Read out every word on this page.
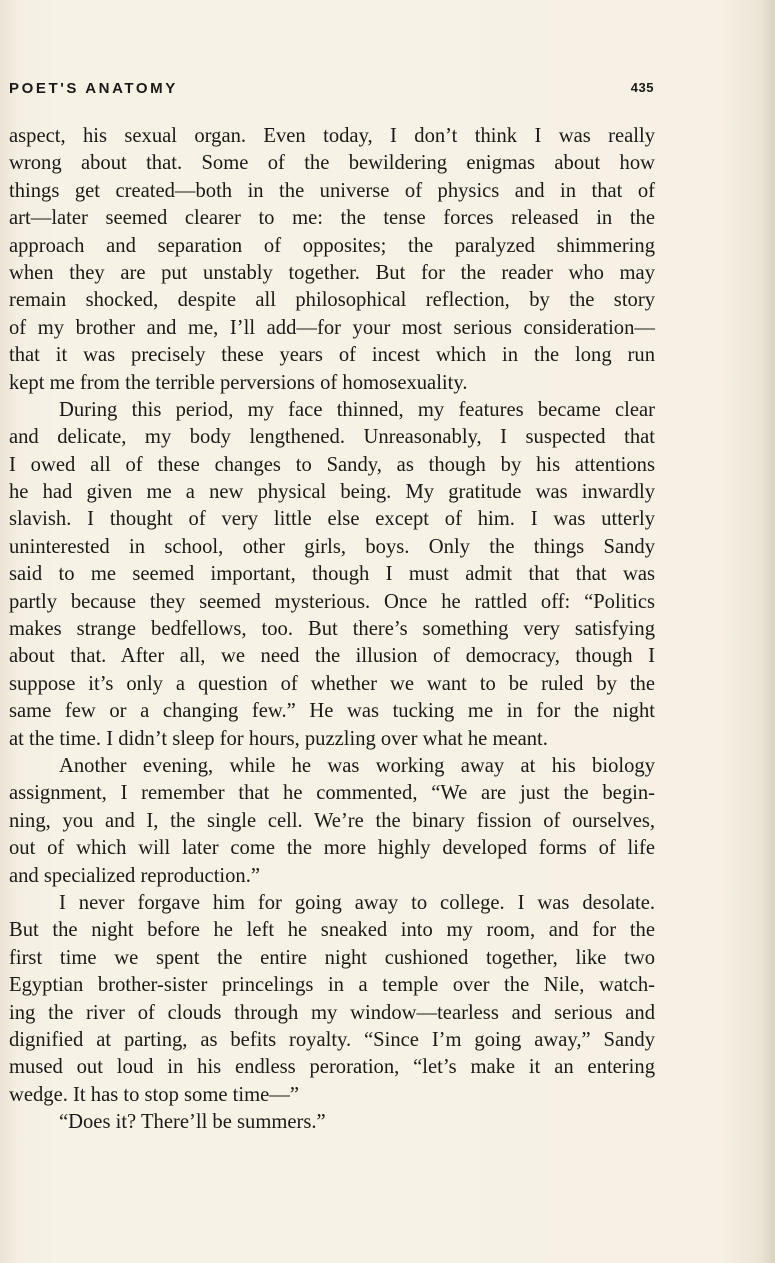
POET'S ANATOMY	435
aspect, his sexual organ. Even today, I don’t think I was really
wrong about that. Some of the bewildering enigmas about how
things get created—both in the universe of physics and in that of
art—later seemed clearer to me: the tense forces released in the
approach and separation of opposites; the paralyzed shimmering
when they are put unstably together. But for the reader who may
remain shocked, despite all philosophical reflection, by the story
of my brother and me, I’ll add—for your most serious consideration—
that it was precisely these years of incest which in the long run
kept me from the terrible perversions of homosexuality.
During this period, my face thinned, my features became clear
and delicate, my body lengthened. Unreasonably, I suspected that
I owed all of these changes to Sandy, as though by his attentions
he had given me a new physical being. My gratitude was inwardly
slavish. I thought of very little else except of him. I was utterly
uninterested in school, other girls, boys. Only the things Sandy
said to me seemed important, though I must admit that that was
partly because they seemed mysterious. Once he rattled off: “Politics
makes strange bedfellows, too. But there’s something very satisfying
about that. After all, we need the illusion of democracy, though I
suppose it’s only a question of whether we want to be ruled by the
same few or a changing few.” He was tucking me in for the night
at the time. I didn’t sleep for hours, puzzling over what he meant.
Another evening, while he was working away at his biology
assignment, I remember that he commented, “We are just the begin-
ning, you and I, the single cell. We’re the binary fission of ourselves,
out of which will later come the more highly developed forms of life
and specialized reproduction.”
I never forgave him for going away to college. I was desolate.
But the night before he left he sneaked into my room, and for the
first time we spent the entire night cushioned together, like two
Egyptian brother-sister princelings in a temple over the Nile, watch-
ing the river of clouds through my window—tearless and serious and
dignified at parting, as befits royalty. “Since I’m going away,” Sandy
mused out loud in his endless peroration, “let’s make it an entering
wedge. It has to stop some time—”
“Does it? There’ll be summers.”
